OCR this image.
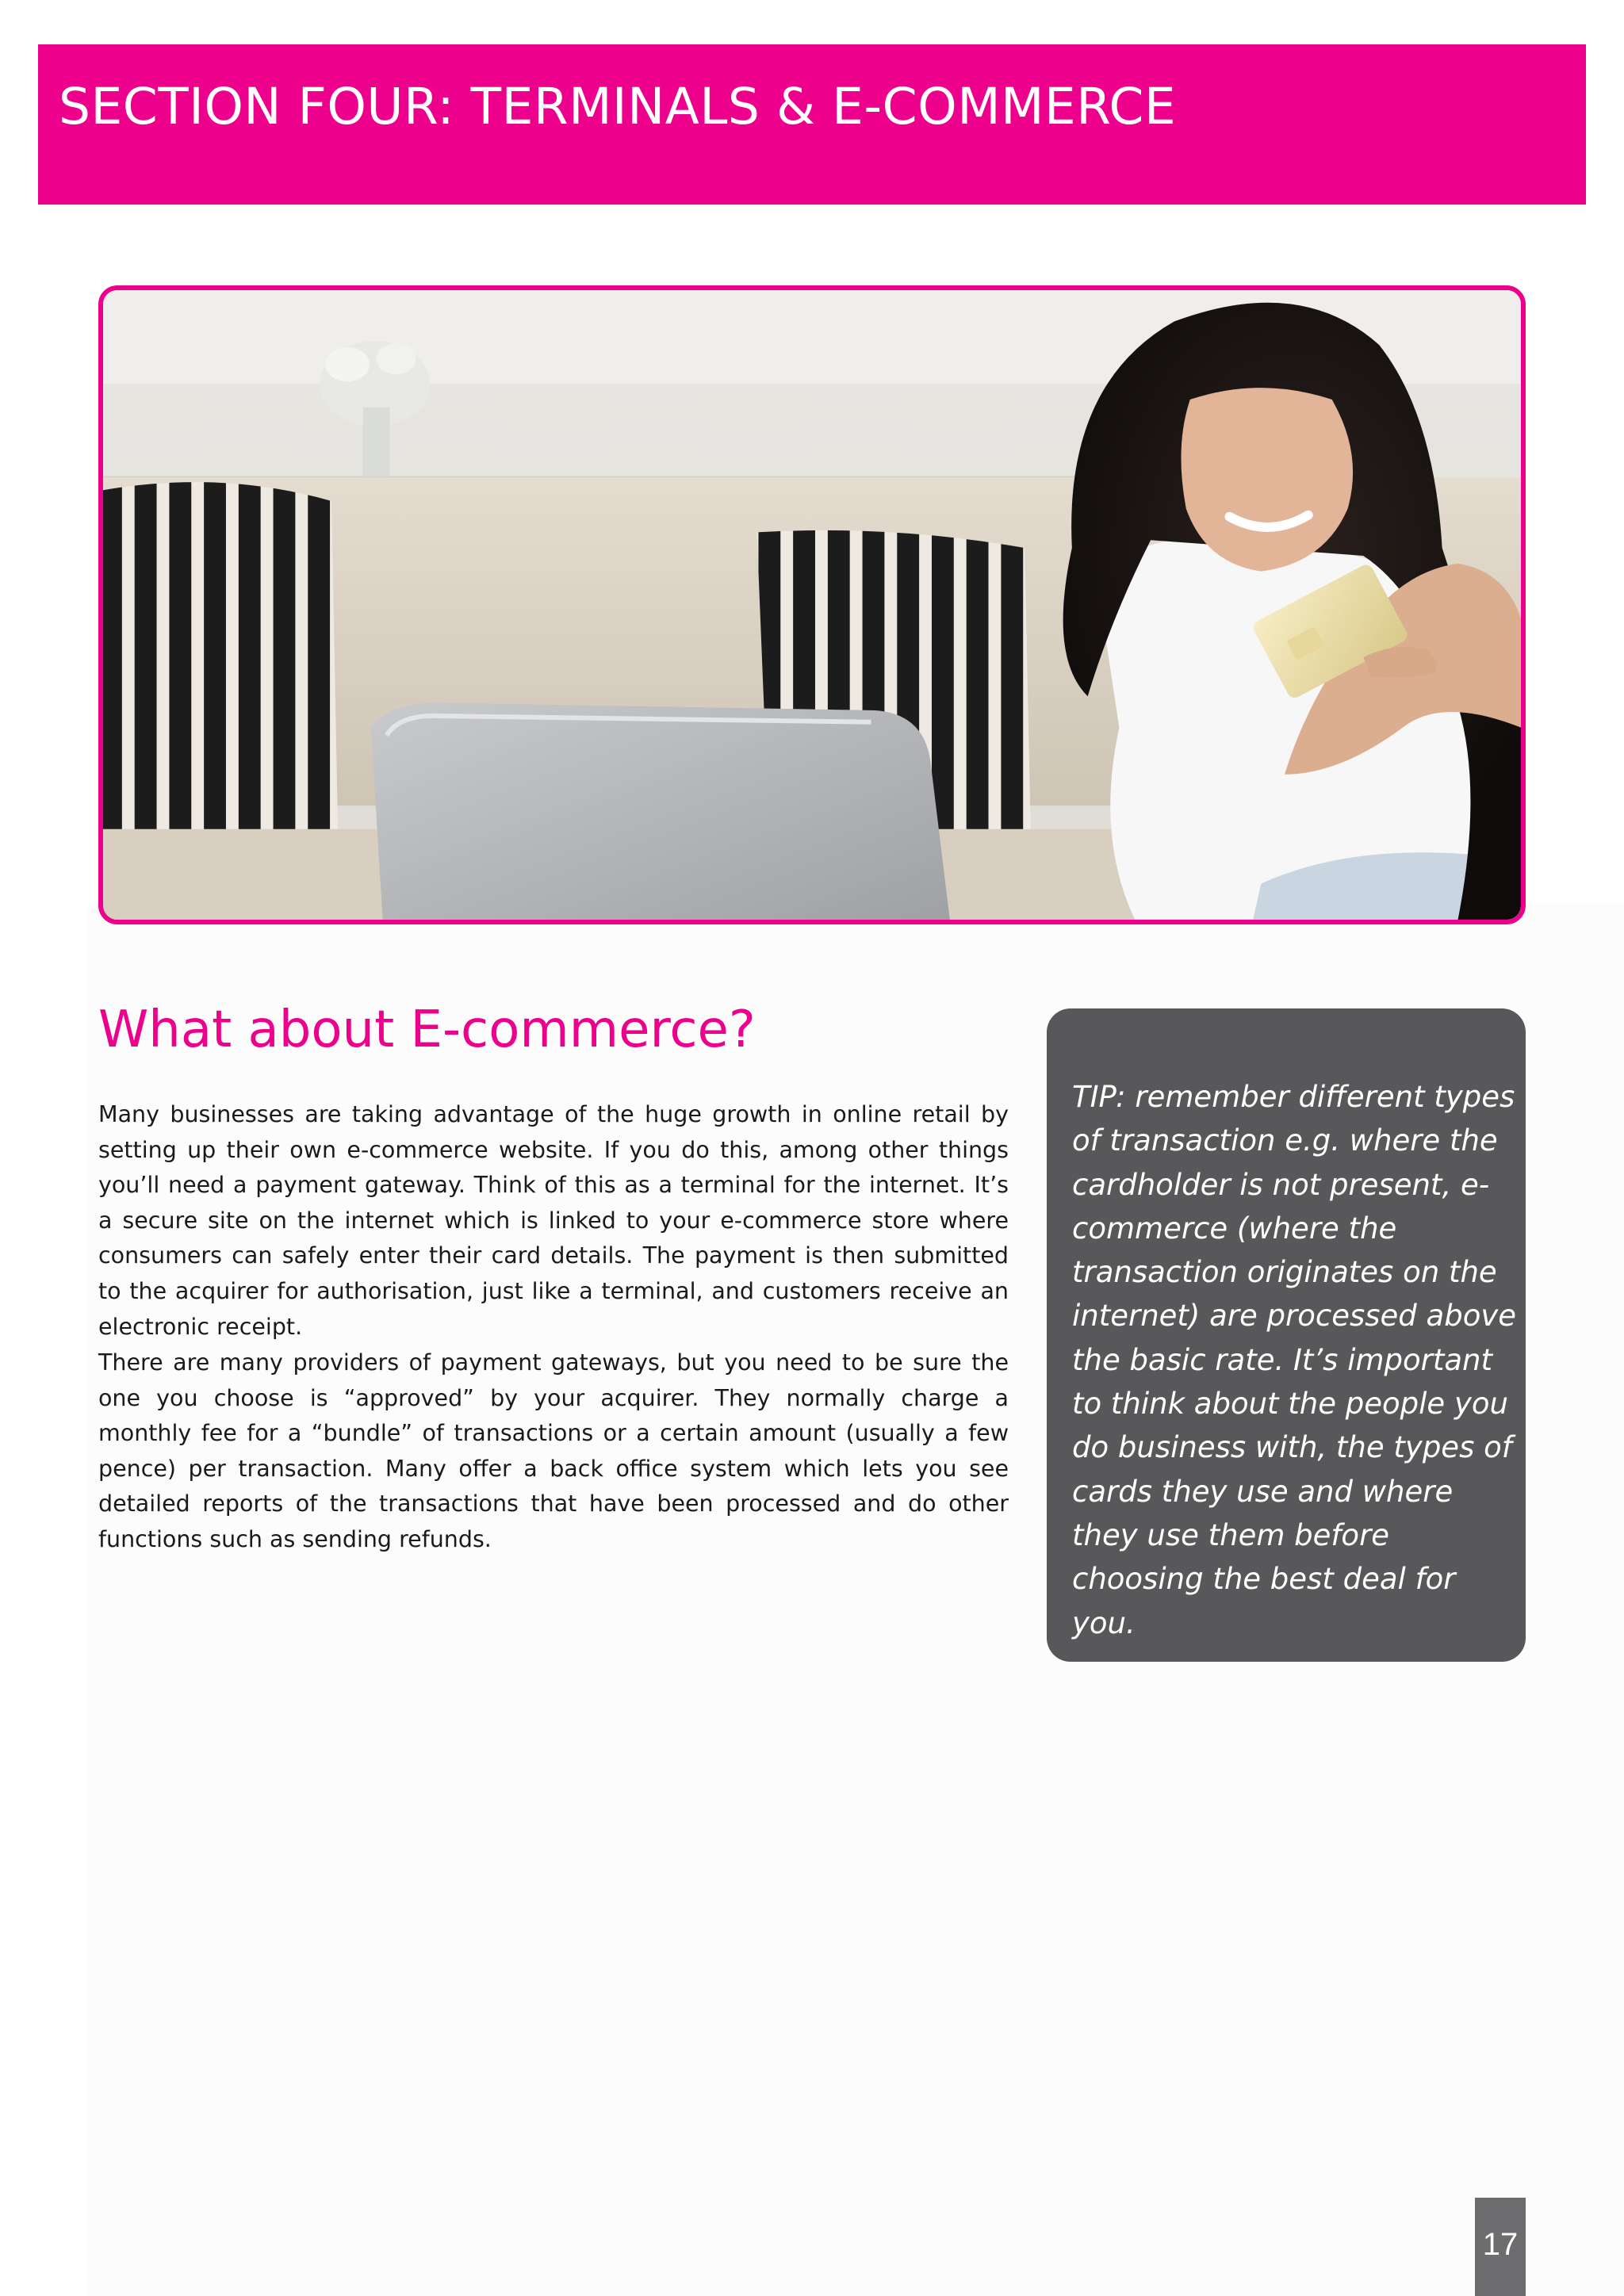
SECTION FOUR: TERMINALS & E-COMMERCE
What about E-commerce?

Many businesses are taking advantage of the huge growth in online retail by setting up their own e-commerce website. If you do this, among other things you’ll need a payment gateway. Think of this as a terminal for the internet. It’s a secure site on the internet which is linked to your e-commerce store where consumers can safely enter their card details. The payment is then submitted to the acquirer for authorisation, just like a terminal, and customers receive an electronic receipt.

There are many providers of payment gateways, but you need to be sure the one you choose is “approved” by your acquirer. They normally charge a monthly fee for a “bundle” of transactions or a certain amount (usually a few pence) per transaction. Many offer a back office system which lets you see detailed reports of the transactions that have been processed and do other functions such as sending refunds.

TIP: remember different types of transaction e.g. where the cardholder is not present, e-commerce (where the transaction originates on the internet) are processed above the basic rate. It’s important to think about the people you do business with, the types of cards they use and where they use them before choosing the best deal for you.

17
